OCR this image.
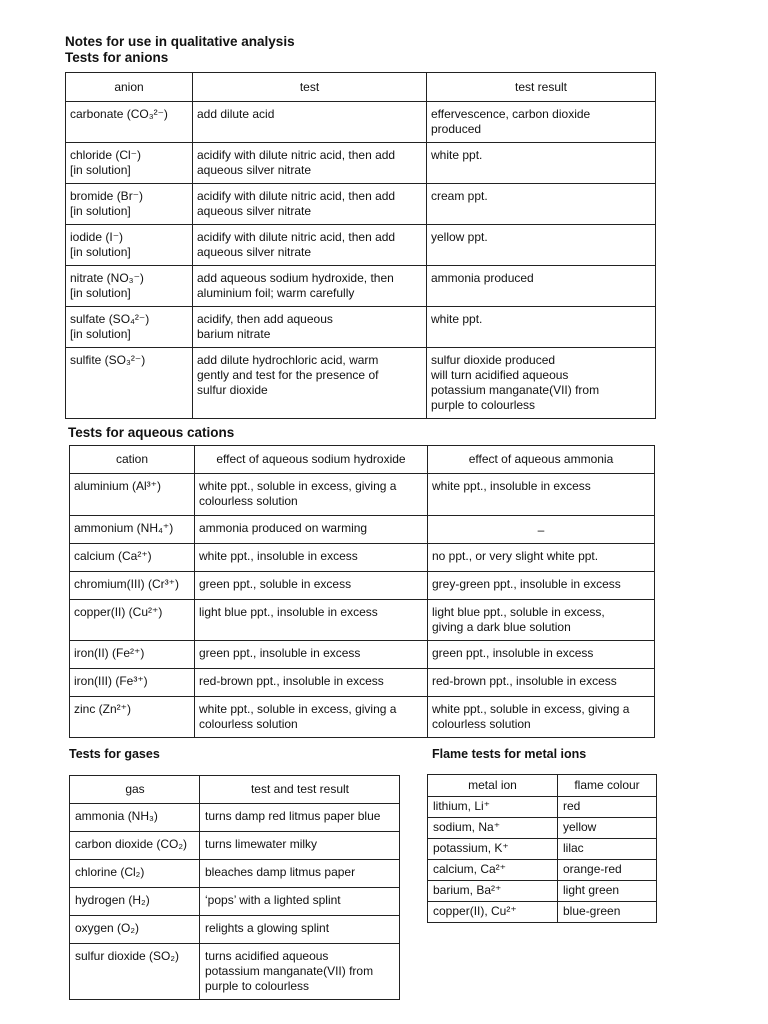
Notes for use in qualitative analysis
Tests for anions
anion	test	test result

carbonate (CO₃²⁻)	add dilute acid	effervescence, carbon dioxide
produced

chloride (Cl⁻)
[in solution]	acidify with dilute nitric acid, then add
aqueous silver nitrate	white ppt.

bromide (Br⁻)
[in solution]	acidify with dilute nitric acid, then add
aqueous silver nitrate	cream ppt.

iodide (I⁻)
[in solution]	acidify with dilute nitric acid, then add
aqueous silver nitrate	yellow ppt.

nitrate (NO₃⁻)
[in solution]	add aqueous sodium hydroxide, then
aluminium foil; warm carefully	ammonia produced

sulfate (SO₄²⁻)
[in solution]	acidify, then add aqueous
barium nitrate	white ppt.

sulfite (SO₃²⁻)	add dilute hydrochloric acid, warm
gently and test for the presence of
sulfur dioxide	sulfur dioxide produced
will turn acidified aqueous
potassium manganate(VII) from
purple to colourless
Tests for aqueous cations
cation	effect of aqueous sodium hydroxide	effect of aqueous ammonia

aluminium (Al³⁺)	white ppt., soluble in excess, giving a
colourless solution	white ppt., insoluble in excess

ammonium (NH₄⁺)	ammonia produced on warming	–

calcium (Ca²⁺)	white ppt., insoluble in excess	no ppt., or very slight white ppt.

chromium(III) (Cr³⁺)	green ppt., soluble in excess	grey-green ppt., insoluble in excess

copper(II) (Cu²⁺)	light blue ppt., insoluble in excess	light blue ppt., soluble in excess,
giving a dark blue solution

iron(II) (Fe²⁺)	green ppt., insoluble in excess	green ppt., insoluble in excess

iron(III) (Fe³⁺)	red-brown ppt., insoluble in excess	red-brown ppt., insoluble in excess

zinc (Zn²⁺)	white ppt., soluble in excess, giving a
colourless solution	white ppt., soluble in excess, giving a
colourless solution
Tests for gases	Flame tests for metal ions
gas	test and test result

ammonia (NH₃)	turns damp red litmus paper blue

carbon dioxide (CO₂)	turns limewater milky

chlorine (Cl₂)	bleaches damp litmus paper

hydrogen (H₂)	‘pops’ with a lighted splint

oxygen (O₂)	relights a glowing splint

sulfur dioxide (SO₂)	turns acidified aqueous
potassium manganate(VII) from
purple to colourless
metal ion	flame colour

lithium, Li⁺	red

sodium, Na⁺	yellow

potassium, K⁺	lilac

calcium, Ca²⁺	orange-red

barium, Ba²⁺	light green

copper(II), Cu²⁺	blue-green
